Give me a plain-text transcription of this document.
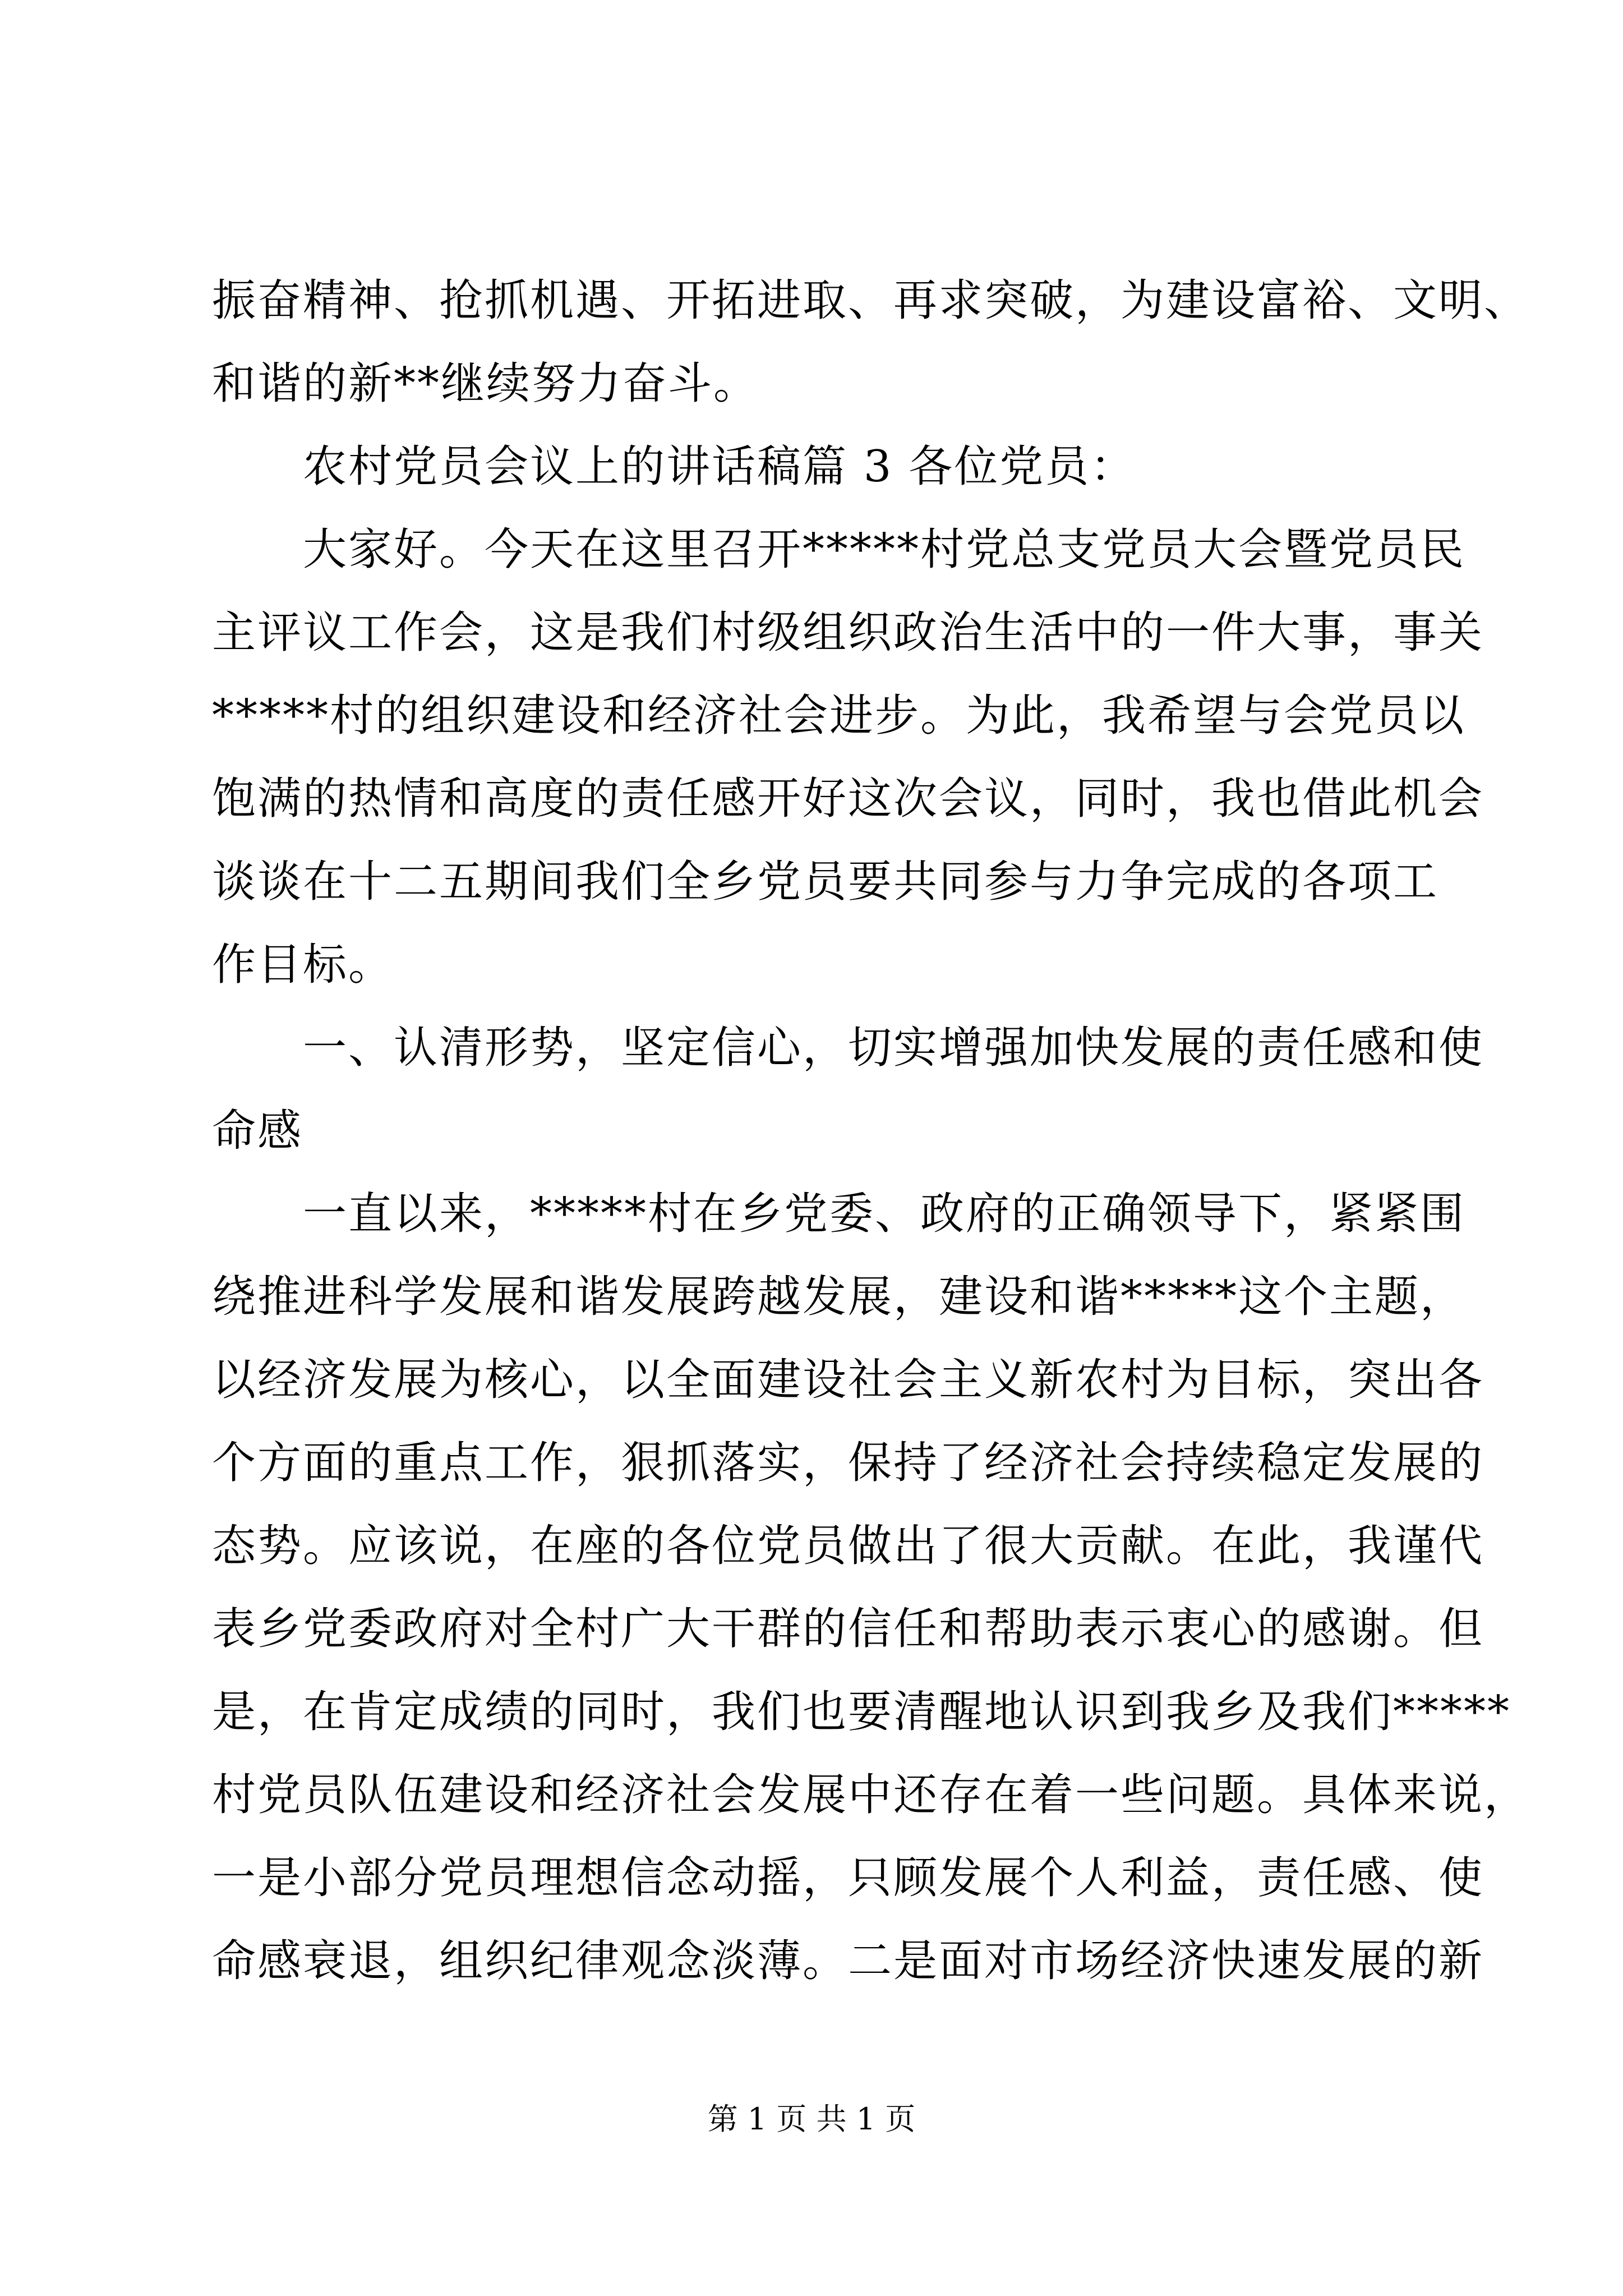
振奋精神、抢抓机遇、开拓进取、再求突破，为建设富裕、文明、
和谐的新**继续努力奋斗。
农村党员会议上的讲话稿篇 3 各位党员：
大家好。今天在这里召开*****村党总支党员大会暨党员民
主评议工作会，这是我们村级组织政治生活中的一件大事，事关
*****村的组织建设和经济社会进步。为此，我希望与会党员以
饱满的热情和高度的责任感开好这次会议，同时，我也借此机会
谈谈在十二五期间我们全乡党员要共同参与力争完成的各项工
作目标。
一、认清形势，坚定信心，切实增强加快发展的责任感和使
命感
一直以来，*****村在乡党委、政府的正确领导下，紧紧围
绕推进科学发展和谐发展跨越发展，建设和谐*****这个主题，
以经济发展为核心，以全面建设社会主义新农村为目标，突出各
个方面的重点工作，狠抓落实，保持了经济社会持续稳定发展的
态势。应该说，在座的各位党员做出了很大贡献。在此，我谨代
表乡党委政府对全村广大干群的信任和帮助表示衷心的感谢。但
是，在肯定成绩的同时，我们也要清醒地认识到我乡及我们*****
村党员队伍建设和经济社会发展中还存在着一些问题。具体来说，
一是小部分党员理想信念动摇，只顾发展个人利益，责任感、使
命感衰退，组织纪律观念淡薄。二是面对市场经济快速发展的新
第 1 页 共 1 页
